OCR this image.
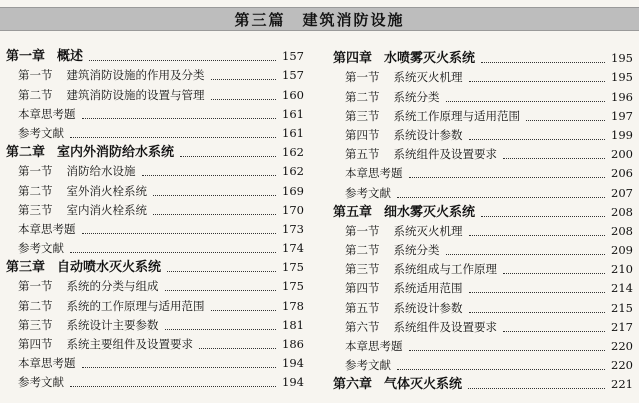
第三篇　建筑消防设施
第一章 概述	157
第一节 建筑消防设施的作用及分类	157
第二节 建筑消防设施的设置与管理	160
本章思考题	161
参考文献	161
第二章 室内外消防给水系统	162
第一节 消防给水设施	162
第二节 室外消火栓系统	169
第三节 室内消火栓系统	170
本章思考题	173
参考文献	174
第三章 自动喷水灭火系统	175
第一节 系统的分类与组成	175
第二节 系统的工作原理与适用范围	178
第三节 系统设计主要参数	181
第四节 系统主要组件及设置要求	186
本章思考题	194
参考文献	194
第四章 水喷雾灭火系统	195
第一节 系统灭火机理	195
第二节 系统分类	196
第三节 系统工作原理与适用范围	197
第四节 系统设计参数	199
第五节 系统组件及设置要求	200
本章思考题	206
参考文献	207
第五章 细水雾灭火系统	208
第一节 系统灭火机理	208
第二节 系统分类	209
第三节 系统组成与工作原理	210
第四节 系统适用范围	214
第五节 系统设计参数	215
第六节 系统组件及设置要求	217
本章思考题	220
参考文献	220
第六章 气体灭火系统	221
